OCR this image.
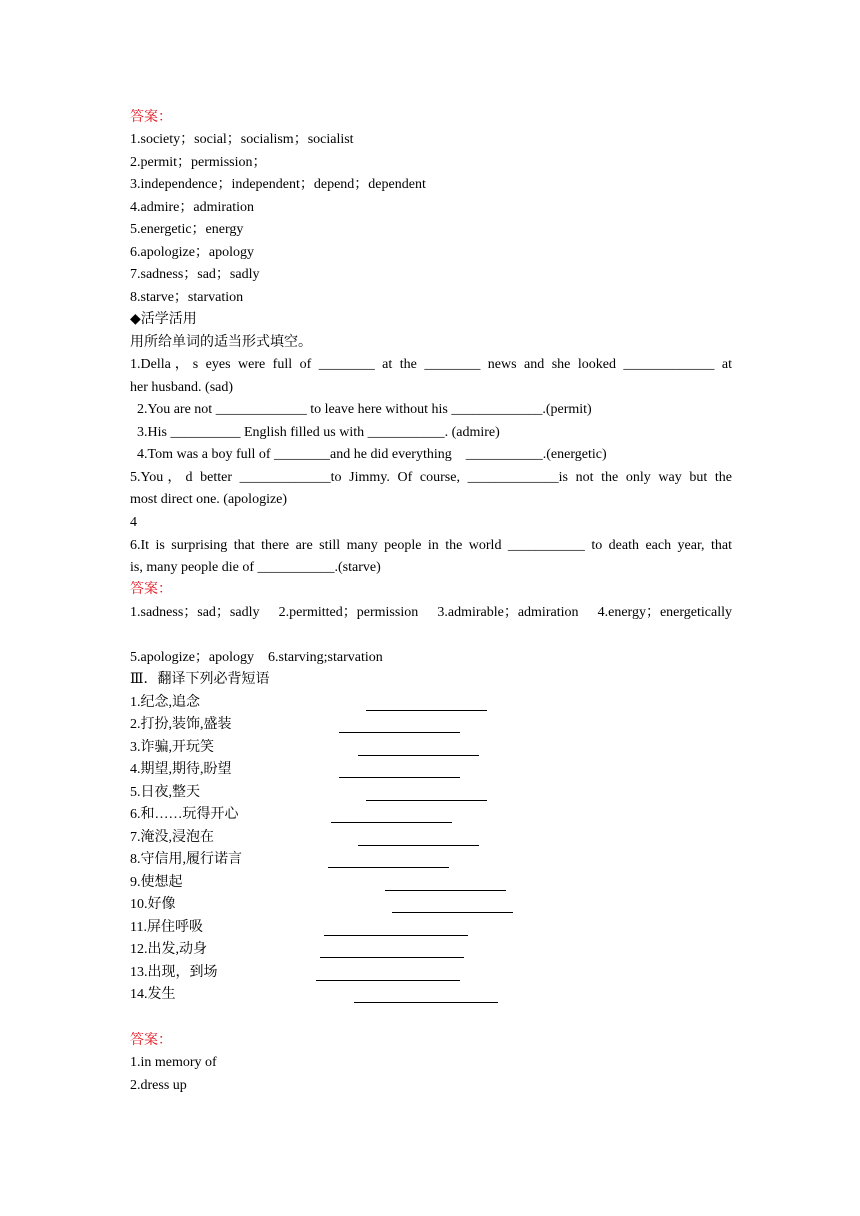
答案：
1.society；social；socialism；socialist
2.permit；permission；
3.independence；independent；depend；dependent
4.admire；admiration
5.energetic；energy
6.apologize；apology
7.sadness；sad；sadly
8.starve；starvation
◆活学活用
用所给单词的适当形式填空。
1.Della，s eyes were full of ________ at the ________ news and she looked _____________ at
her husband. (sad)
2.You are not _____________ to leave here without his _____________.(permit)
3.His __________ English filled us with ___________. (admire)
4.Tom was a boy full of ________and he did everything    ___________.(energetic)
5.You，d better _____________to Jimmy. Of course, _____________is not the only way but the
most direct one. (apologize)
4
6.It is surprising that there are still many people in the world ___________ to death each year, that
is, many people die of ___________.(starve)
答案：
1.sadness；sad；sadly 2.permitted；permission 3.admirable；admiration 4.energy；energetically
5.apologize；apology    6.starving;starvation
Ⅲ．翻译下列必背短语
1.纪念,追念
2.打扮,装饰,盛装
3.诈骗,开玩笑
4.期望,期待,盼望
5.日夜,整天
6.和……玩得开心
7.淹没,浸泡在
8.守信用,履行诺言
9.使想起
10.好像
11.屏住呼吸
12.出发,动身
13.出现，到场
14.发生
答案：
1.in memory of
2.dress up
